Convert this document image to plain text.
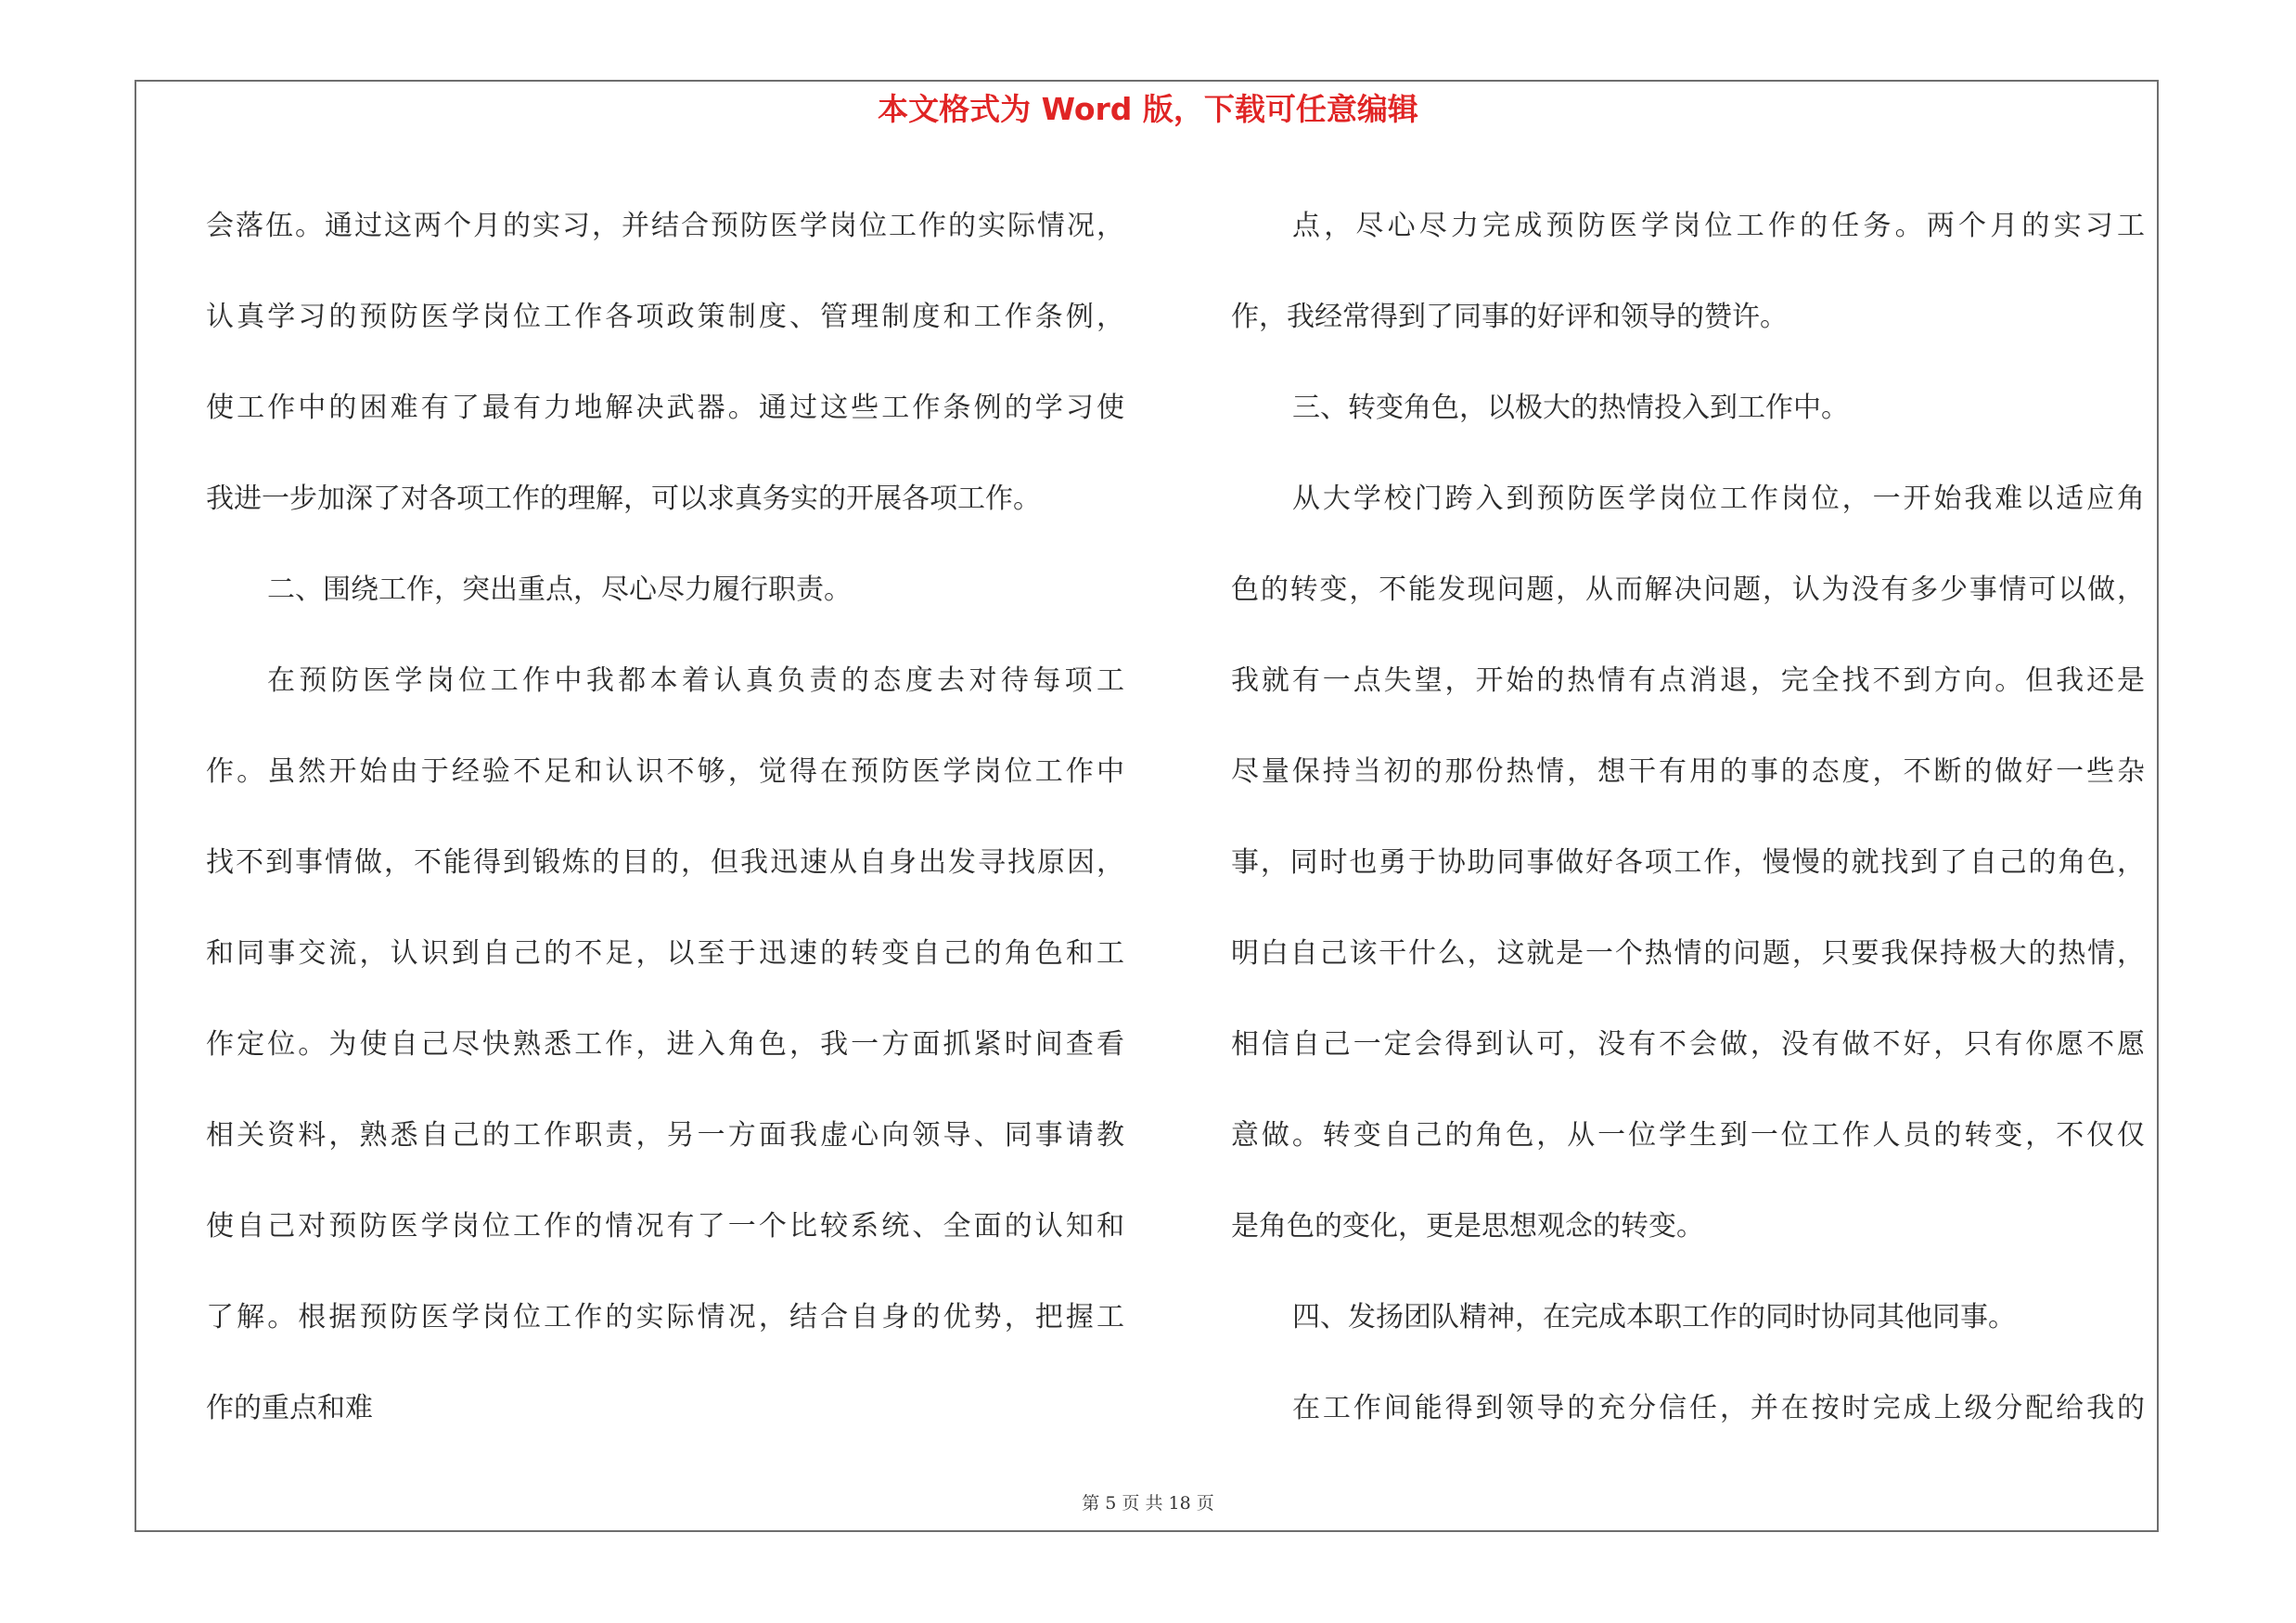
本文格式为 Word 版，下载可任意编辑
会落伍。通过这两个月的实习，并结合预防医学岗位工作的实际情况，
认真学习的预防医学岗位工作各项政策制度、管理制度和工作条例，
使工作中的困难有了最有力地解决武器。通过这些工作条例的学习使
我进一步加深了对各项工作的理解，可以求真务实的开展各项工作。
二、围绕工作，突出重点，尽心尽力履行职责。
在预防医学岗位工作中我都本着认真负责的态度去对待每项工
作。虽然开始由于经验不足和认识不够，觉得在预防医学岗位工作中
找不到事情做，不能得到锻炼的目的，但我迅速从自身出发寻找原因，
和同事交流，认识到自己的不足，以至于迅速的转变自己的角色和工
作定位。为使自己尽快熟悉工作，进入角色，我一方面抓紧时间查看
相关资料，熟悉自己的工作职责，另一方面我虚心向领导、同事请教
使自己对预防医学岗位工作的情况有了一个比较系统、全面的认知和
了解。根据预防医学岗位工作的实际情况，结合自身的优势，把握工
作的重点和难
点，尽心尽力完成预防医学岗位工作的任务。两个月的实习工
作，我经常得到了同事的好评和领导的赞许。
三、转变角色，以极大的热情投入到工作中。
从大学校门跨入到预防医学岗位工作岗位，一开始我难以适应角
色的转变，不能发现问题，从而解决问题，认为没有多少事情可以做，
我就有一点失望，开始的热情有点消退，完全找不到方向。但我还是
尽量保持当初的那份热情，想干有用的事的态度，不断的做好一些杂
事，同时也勇于协助同事做好各项工作，慢慢的就找到了自己的角色，
明白自己该干什么，这就是一个热情的问题，只要我保持极大的热情，
相信自己一定会得到认可，没有不会做，没有做不好，只有你愿不愿
意做。转变自己的角色，从一位学生到一位工作人员的转变，不仅仅
是角色的变化，更是思想观念的转变。
四、发扬团队精神，在完成本职工作的同时协同其他同事。
在工作间能得到领导的充分信任，并在按时完成上级分配给我的
第 5 页 共 18 页
